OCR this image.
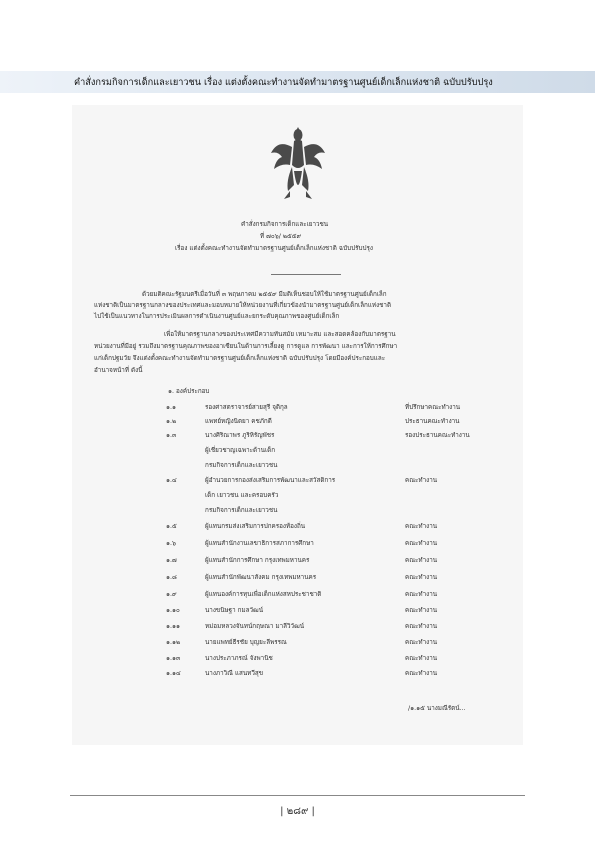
คำสั่งกรมกิจการเด็กและเยาวชน เรื่อง แต่งตั้งคณะทำงานจัดทำมาตรฐานศูนย์เด็กเล็กแห่งชาติ ฉบับปรับปรุง
คำสั่งกรมกิจการเด็กและเยาวชน
ที่ ๗๐๖/ ๒๕๕๙
เรื่อง แต่งตั้งคณะทำงานจัดทำมาตรฐานศูนย์เด็กเล็กแห่งชาติ ฉบับปรับปรุง
ด้วยมติคณะรัฐมนตรีเมื่อวันที่ ๓ พฤษภาคม ๒๕๕๙ มีมติเห็นชอบให้ใช้มาตรฐานศูนย์เด็กเล็ก
แห่งชาติเป็นมาตรฐานกลางของประเทศและมอบหมายให้หน่วยงานที่เกี่ยวข้องนำมาตรฐานศูนย์เด็กเล็กแห่งชาติ
ไปใช้เป็นแนวทางในการประเมินผลการดำเนินงานศูนย์และยกระดับคุณภาพของศูนย์เด็กเล็ก
เพื่อให้มาตรฐานกลางของประเทศมีความทันสมัย เหมาะสม และสอดคล้องกับมาตรฐาน
หน่วยงานที่มีอยู่ รวมถึงมาตรฐานคุณภาพของอาเซียนในด้านการเลี้ยงดู การดูแล การพัฒนา และการให้การศึกษา
แก่เด็กปฐมวัย จึงแต่งตั้งคณะทำงานจัดทำมาตรฐานศูนย์เด็กเล็กแห่งชาติ ฉบับปรับปรุง โดยมีองค์ประกอบและ
อำนาจหน้าที่ ดังนี้
๑. องค์ประกอบ
๑.๑	รองศาสตราจารย์สายสุรี จุติกุล	ที่ปรึกษาคณะทำงาน
๑.๒	แพทย์หญิงนิตยา คชภักดี	ประธานคณะทำงาน
๑.๓	นางศิริณาพร ภูริหิรัญพัชร	รองประธานคณะทำงาน
ผู้เชี่ยวชาญเฉพาะด้านเด็ก
กรมกิจการเด็กและเยาวชน
๑.๔	ผู้อำนวยการกองส่งเสริมการพัฒนาและสวัสดิการ	คณะทำงาน
เด็ก เยาวชน และครอบครัว
กรมกิจการเด็กและเยาวชน
๑.๕	ผู้แทนกรมส่งเสริมการปกครองท้องถิ่น	คณะทำงาน
๑.๖	ผู้แทนสำนักงานเลขาธิการสภาการศึกษา	คณะทำงาน
๑.๗	ผู้แทนสำนักการศึกษา กรุงเทพมหานคร	คณะทำงาน
๑.๘	ผู้แทนสำนักพัฒนาสังคม กรุงเทพมหานคร	คณะทำงาน
๑.๙	ผู้แทนองค์การทุนเพื่อเด็กแห่งสหประชาชาติ	คณะทำงาน
๑.๑๐	นางขนิษฐา กมลวัฒน์	คณะทำงาน
๑.๑๑	หม่อมหลวงจันทน์กฤษณา มาลีวิวัฒน์	คณะทำงาน
๑.๑๒	นายแพทย์ธีรชัย บุญยะลีพรรณ	คณะทำงาน
๑.๑๓	นางประภาภรณ์ จังพานิช	คณะทำงาน
๑.๑๔	นางภาวิณี แสนทวีสุข	คณะทำงาน
/๑.๑๕ นางมณีรัตน์...
| ๒๘๙ |
